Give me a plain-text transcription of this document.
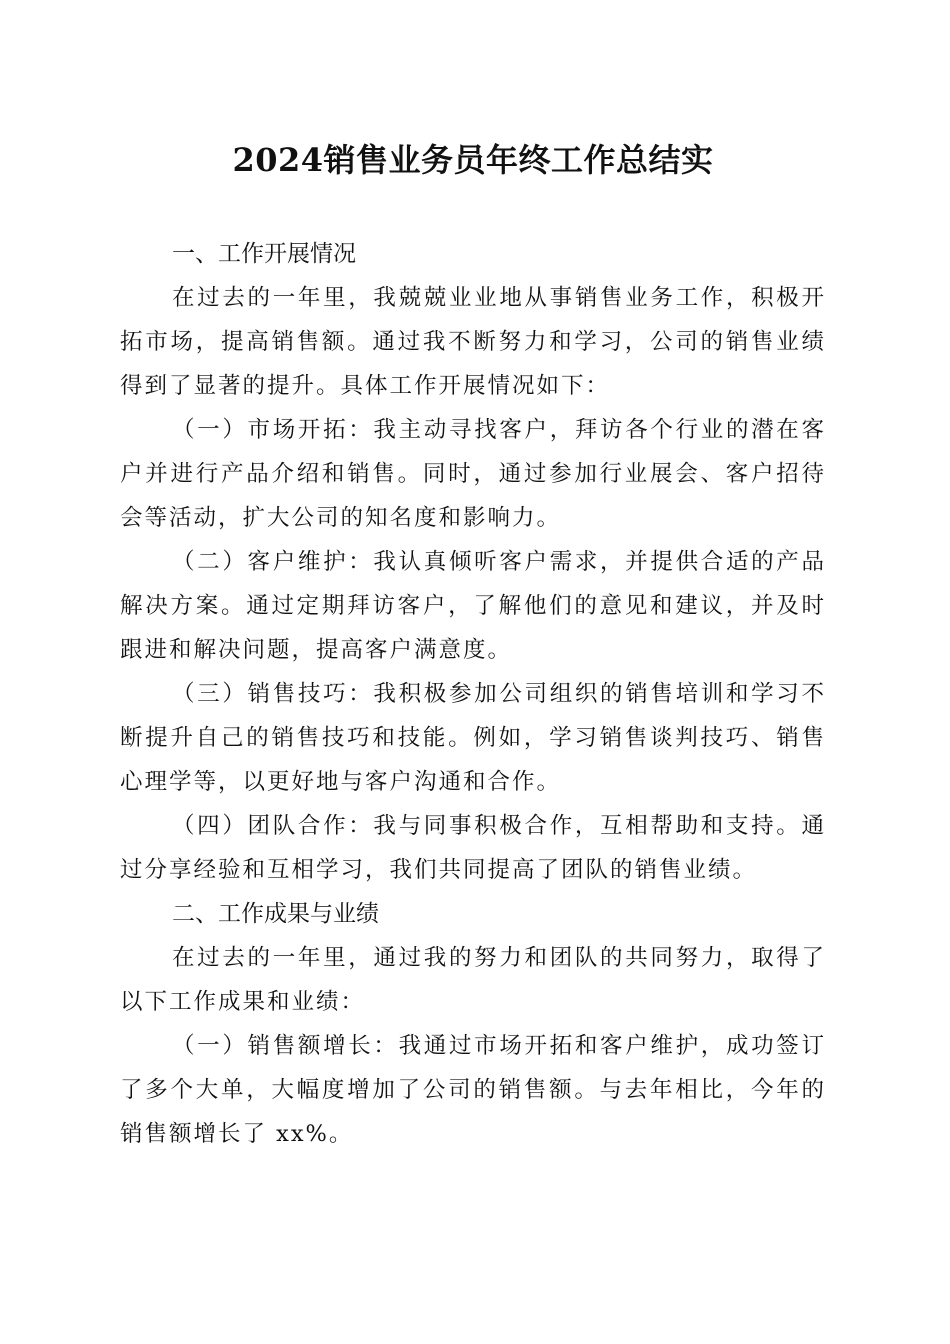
2024销售业务员年终工作总结实

一、工作开展情况

在过去的一年里，我兢兢业业地从事销售业务工作，积极开拓市场，提高销售额。通过我不断努力和学习，公司的销售业绩得到了显著的提升。具体工作开展情况如下：

（一）市场开拓：我主动寻找客户，拜访各个行业的潜在客户并进行产品介绍和销售。同时，通过参加行业展会、客户招待会等活动，扩大公司的知名度和影响力。

（二）客户维护：我认真倾听客户需求，并提供合适的产品解决方案。通过定期拜访客户，了解他们的意见和建议，并及时跟进和解决问题，提高客户满意度。

（三）销售技巧：我积极参加公司组织的销售培训和学习不断提升自己的销售技巧和技能。例如，学习销售谈判技巧、销售心理学等，以更好地与客户沟通和合作。

（四）团队合作：我与同事积极合作，互相帮助和支持。通过分享经验和互相学习，我们共同提高了团队的销售业绩。

二、工作成果与业绩

在过去的一年里，通过我的努力和团队的共同努力，取得了以下工作成果和业绩：

（一）销售额增长：我通过市场开拓和客户维护，成功签订了多个大单，大幅度增加了公司的销售额。与去年相比，今年的销售额增长了 xx%。
